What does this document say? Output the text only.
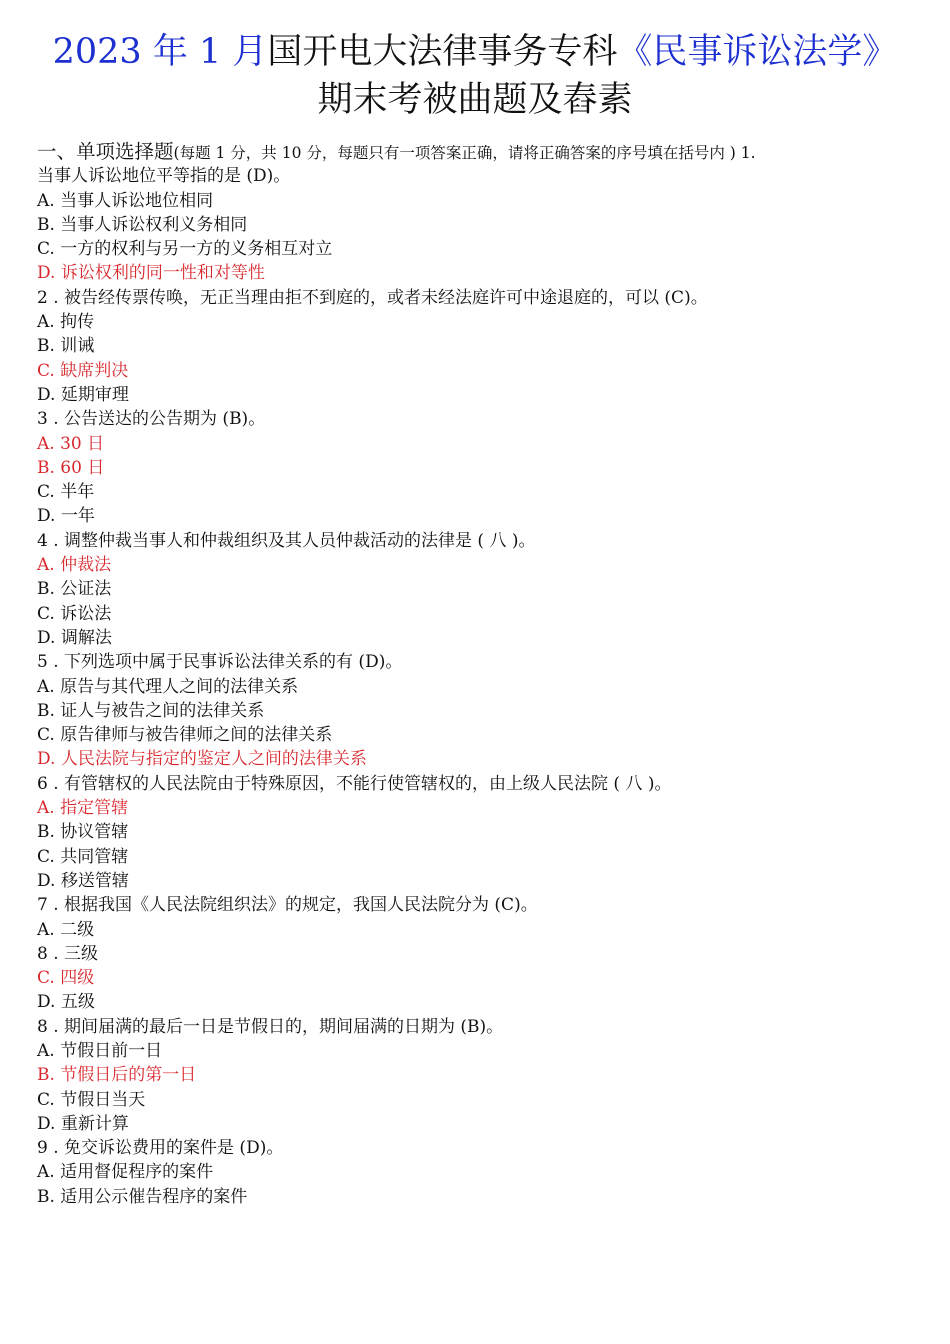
2023 年 1 月国开电大法律事务专科《民事诉讼法学》
期末考被曲题及舂素
一、单项选择题(每题 1 分，共 10 分，每题只有一项答案正确，请将正确答案的序号填在括号内 ) 1.
当事人诉讼地位平等指的是 (D)。
A. 当事人诉讼地位相同
B. 当事人诉讼权利义务相同
C. 一方的权利与另一方的义务相互对立
D. 诉讼权利的同一性和对等性
2 . 被告经传票传唤，无正当理由拒不到庭的，或者未经法庭许可中途退庭的，可以 (C)。
A. 拘传
B. 训诫
C. 缺席判决
D. 延期审理
3 . 公告送达的公告期为 (B)。
A. 30 日
B. 60 日
C. 半年
D. 一年
4 . 调整仲裁当事人和仲裁组织及其人员仲裁活动的法律是 ( 八 )。
A. 仲裁法
B. 公证法
C. 诉讼法
D. 调解法
5 . 下列选项中属于民事诉讼法律关系的有 (D)。
A. 原告与其代理人之间的法律关系
B. 证人与被告之间的法律关系
C. 原告律师与被告律师之间的法律关系
D. 人民法院与指定的鉴定人之间的法律关系
6 . 有管辖权的人民法院由于特殊原因，不能行使管辖权的，由上级人民法院 ( 八 )。
A. 指定管辖
B. 协议管辖
C. 共同管辖
D. 移送管辖
7 . 根据我国《人民法院组织法》的规定，我国人民法院分为 (C)。
A. 二级
8 . 三级
C. 四级
D. 五级
8 . 期间届满的最后一日是节假日的，期间届满的日期为 (B)。
A. 节假日前一日
B. 节假日后的第一日
C. 节假日当天
D. 重新计算
9 . 免交诉讼费用的案件是 (D)。
A. 适用督促程序的案件
B. 适用公示催告程序的案件
